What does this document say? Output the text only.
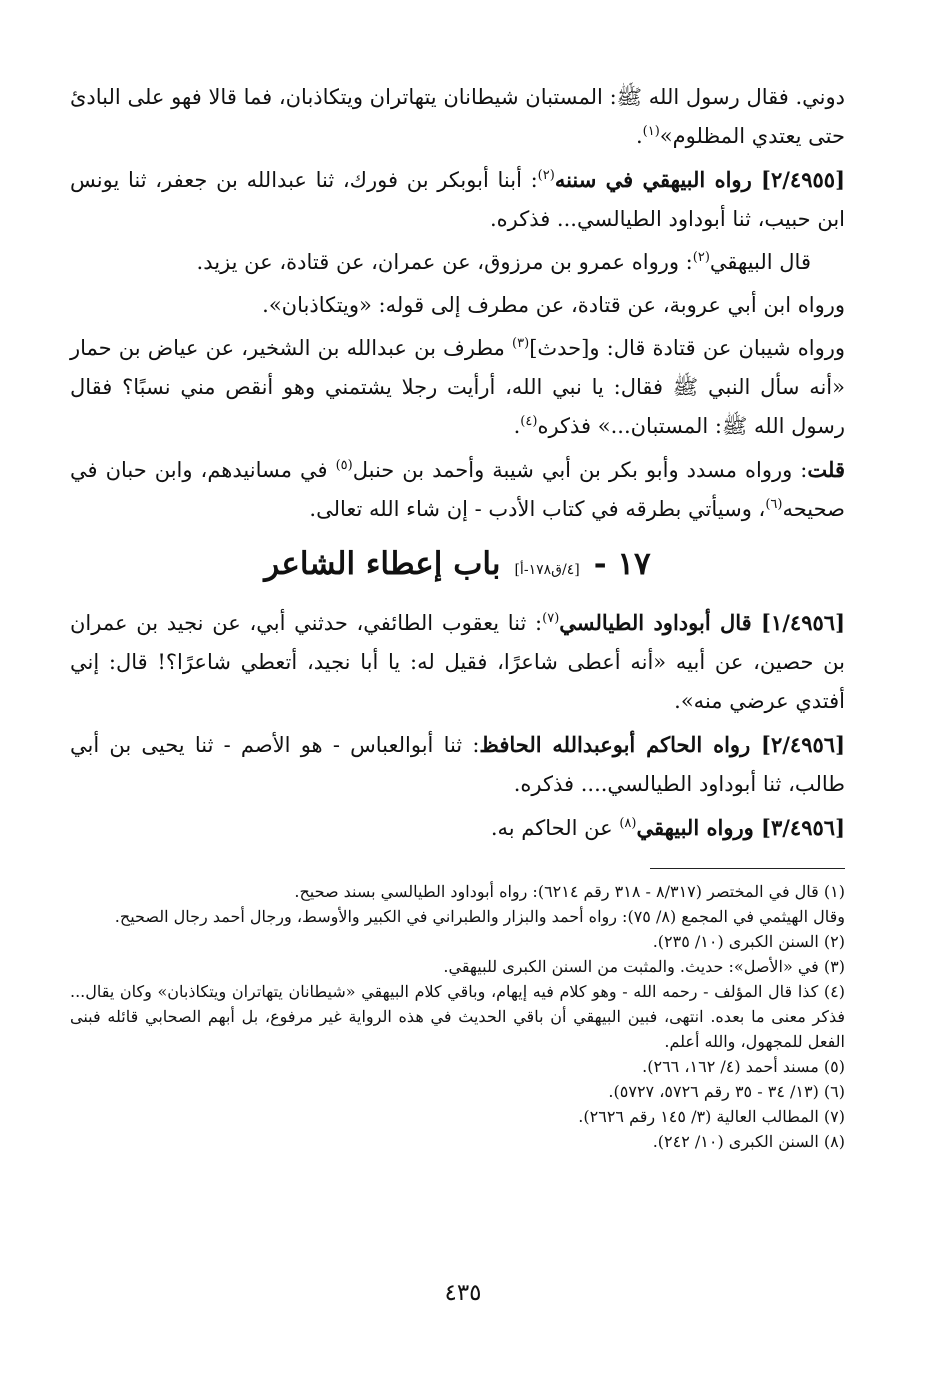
دوني. فقال رسول الله ﷺ: المستبان شيطانان يتهاتران ويتكاذبان، فما قالا فهو على البادئ حتى يعتدي المظلوم»$^{(١)}$.

[٢/٤٩٥٥] رواه البيهقي في سننه$^{(٢)}$: أبنا أبوبكر بن فورك، ثنا عبدالله بن جعفر، ثنا يونس ابن حبيب، ثنا أبوداود الطيالسي... فذكره.

قال البيهقي$^{(٢)}$: ورواه عمرو بن مرزوق، عن عمران، عن قتادة، عن يزيد.

ورواه ابن أبي عروبة، عن قتادة، عن مطرف إلى قوله: «ويتكاذبان».

ورواه شيبان عن قتادة قال: و[حدث]$^{(٣)}$ مطرف بن عبدالله بن الشخير، عن عياض بن حمار «أنه سأل النبي ﷺ فقال: يا نبي الله، أرأيت رجلا يشتمني وهو أنقص مني نسبًا؟ فقال رسول الله ﷺ: المستبان...» فذكره$^{(٤)}$.

قلت: ورواه مسدد وأبو بكر بن أبي شيبة وأحمد بن حنبل$^{(٥)}$ في مسانيدهم، وابن حبان في صحيحه$^{(٦)}$، وسيأتي بطرقه في كتاب الأدب - إن شاء الله تعالى.

١٧ -[٤/ق١٧٨-أ]باب إعطاء الشاعر

[١/٤٩٥٦] قال أبوداود الطيالسي$^{(٧)}$: ثنا يعقوب الطائفي، حدثني أبي، عن نجيد بن عمران بن حصين، عن أبيه «أنه أعطى شاعرًا، فقيل له: يا أبا نجيد، أتعطي شاعرًا؟! قال: إني أفتدي عرضي منه».

[٢/٤٩٥٦] رواه الحاكم أبوعبدالله الحافظ: ثنا أبوالعباس - هو الأصم - ثنا يحيى بن أبي طالب، ثنا أبوداود الطيالسي.... فذكره.

[٣/٤٩٥٦] ورواه البيهقي$^{(٨)}$ عن الحاكم به.

(١) قال في المختصر (٨/٣١٧ - ٣١٨ رقم ٦٢١٤): رواه أبوداود الطيالسي بسند صحيح.

وقال الهيثمي في المجمع (٨/ ٧٥): رواه أحمد والبزار والطبراني في الكبير والأوسط، ورجال أحمد رجال الصحيح.

(٢) السنن الكبرى (١٠/ ٢٣٥).

(٣) في «الأصل»: حديث. والمثبت من السنن الكبرى للبيهقي.

(٤) كذا قال المؤلف - رحمه الله - وهو كلام فيه إيهام، وباقي كلام البيهقي «شيطانان يتهاتران ويتكاذبان» وكان يقال... فذكر معنى ما بعده. انتهى، فبين البيهقي أن باقي الحديث في هذه الرواية غير مرفوع، بل أبهم الصحابي قائله فبنى الفعل للمجهول، والله أعلم.

(٥) مسند أحمد (٤/ ١٦٢، ٢٦٦).

(٦) (١٣/ ٣٤ - ٣٥ رقم ٥٧٢٦، ٥٧٢٧).

(٧) المطالب العالية (٣/ ١٤٥ رقم ٢٦٢٦).

(٨) السنن الكبرى (١٠/ ٢٤٢).

٤٣٥
